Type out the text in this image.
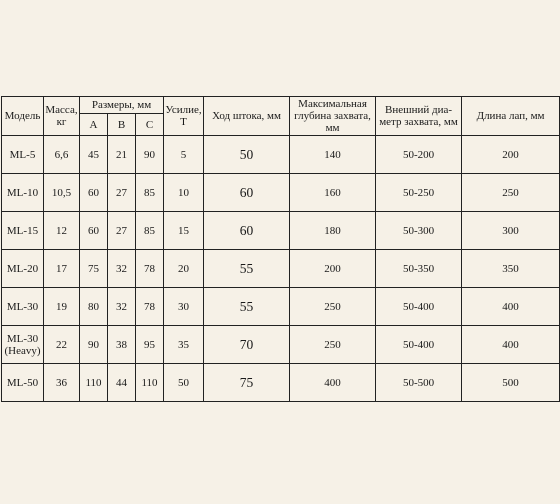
Модель	Масса, кг	Размеры, мм			Усилие, Т	Ход штока, мм	Максимальная глубина захвата, мм	Внешний диа-метр захвата, мм	Длина лап, мм
		A	B	C					
ML-5	6,6	45	21	90	5	50	140	50-200	200
ML-10	10,5	60	27	85	10	60	160	50-250	250
ML-15	12	60	27	85	15	60	180	50-300	300
ML-20	17	75	32	78	20	55	200	50-350	350
ML-30	19	80	32	78	30	55	250	50-400	400
ML-30 (Heavy)	22	90	38	95	35	70	250	50-400	400
ML-50	36	110	44	110	50	75	400	50-500	500
